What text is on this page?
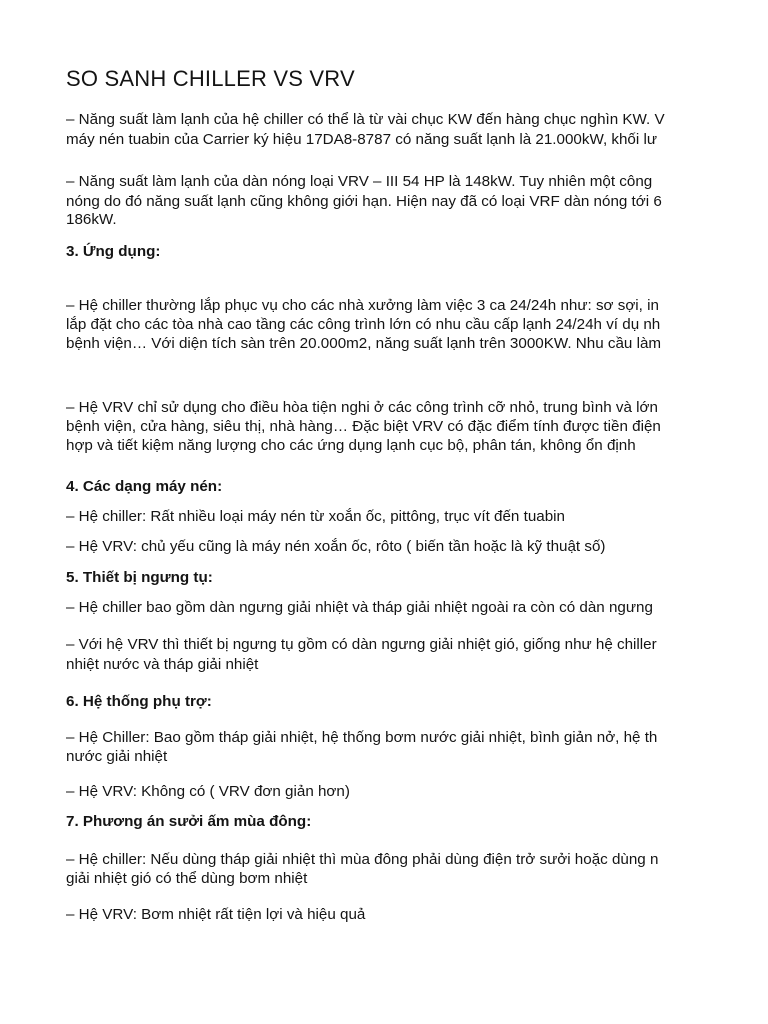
SO SANH CHILLER VS VRV

– Năng suất làm lạnh của hệ chiller có thể là từ vài chục KW đến hàng chục nghìn KW. V

máy nén tuabin của Carrier ký hiệu 17DA8-8787 có năng suất lạnh là 21.000kW, khối lư

– Năng suất làm lạnh của dàn nóng loại VRV – III 54 HP là 148kW. Tuy nhiên một công

nóng do đó năng suất lạnh cũng không giới hạn. Hiện nay đã có loại VRF dàn nóng tới 6

186kW.

3. Ứng dụng:

– Hệ chiller thường lắp phục vụ cho các nhà xưởng làm việc 3 ca 24/24h như: sơ sợi, in

lắp đặt cho các tòa nhà cao tầng các công trình lớn có nhu cầu cấp lạnh 24/24h ví dụ nh

bệnh viện… Với diện tích sàn trên 20.000m2, năng suất lạnh trên 3000KW. Nhu cầu làm

– Hệ VRV chỉ sử dụng cho điều hòa tiện nghi ở các công trình cỡ nhỏ, trung bình và lớn

bệnh viện, cửa hàng, siêu thị, nhà hàng… Đặc biệt VRV có đặc điểm tính được tiền điện

hợp và tiết kiệm năng lượng cho các ứng dụng lạnh cục bộ, phân tán, không ổn định

4. Các dạng máy nén:

– Hệ chiller: Rất nhiều loại máy nén từ xoắn ốc, pittông, trục vít đến tuabin

– Hệ VRV: chủ yếu cũng là máy nén xoắn ốc, rôto ( biến tần hoặc là kỹ thuật số)

5. Thiết bị ngưng tụ:

– Hệ chiller bao gồm dàn ngưng giải nhiệt và tháp giải nhiệt ngoài ra còn có dàn ngưng

– Với hệ VRV thì thiết bị ngưng tụ gồm có dàn ngưng giải nhiệt gió, giống như hệ chiller

nhiệt nước và tháp giải nhiệt

6. Hệ thống phụ trợ:

– Hệ Chiller: Bao gồm tháp giải nhiệt, hệ thống bơm nước giải nhiệt, bình giản nở, hệ th

nước giải nhiệt

– Hệ VRV: Không có ( VRV đơn giản hơn)

7. Phương án sưởi ấm mùa đông:

– Hệ chiller: Nếu dùng tháp giải nhiệt thì mùa đông phải dùng điện trở sưởi hoặc dùng n

giải nhiệt gió có thể dùng bơm nhiệt

– Hệ VRV: Bơm nhiệt rất tiện lợi và hiệu quả
